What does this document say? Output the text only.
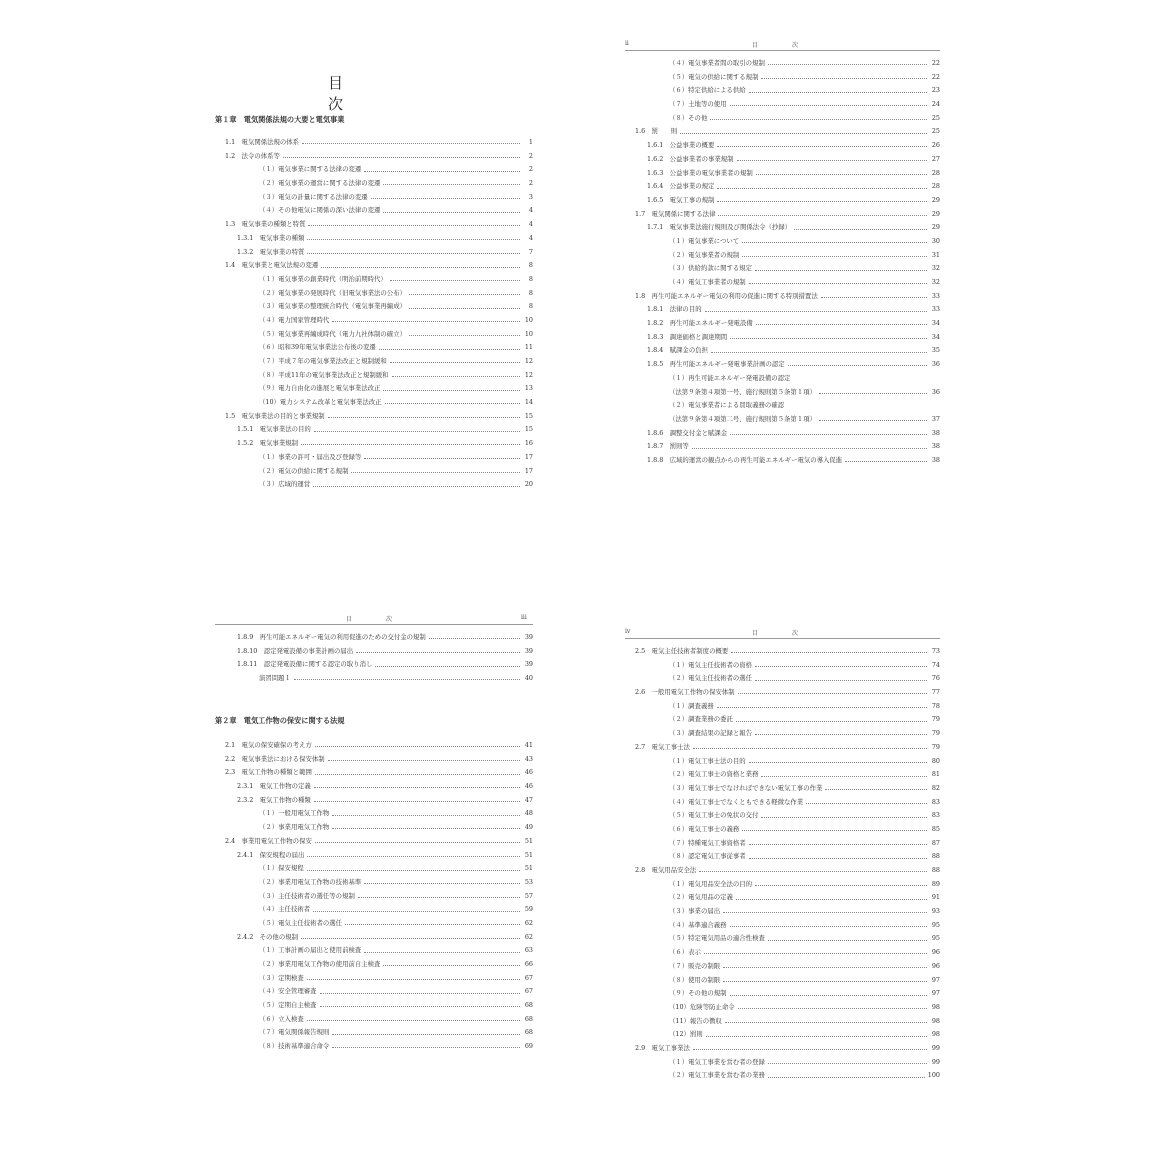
目　次
第１章　電気関係法規の大要と電気事業
1.1　電気関係法規の体系	1
1.2　法令の体系等	2
（１）電気事業に関する法律の変遷	2
（２）電気事業の運営に関する法律の変遷	2
（３）電気の計量に関する法律の変遷	3
（４）その他電気に関係の深い法律の変遷	4
1.3　電気事業の種類と特質	4
1.3.1　電気事業の種類	4
1.3.2　電気事業の特質	7
1.4　電気事業と電気法規の変遷	8
（１）電気事業の創業時代（明治前期時代）	8
（２）電気事業の発展時代（旧電気事業法の公布）	8
（３）電気事業の整理統合時代（電気事業再編成）	8
（４）電力国家管理時代	10
（５）電気事業再編成時代（電力九社体制の確立）	10
（６）昭和39年電気事業法公布後の変遷	11
（７）平成７年の電気事業法改正と規制緩和	12
（８）平成11年の電気事業法改正と規制緩和	12
（９）電力自由化の進展と電気事業法改正	13
（10）電力システム改革と電気事業法改正	14
1.5　電気事業法の目的と事業規制	15
1.5.1　電気事業法の目的	15
1.5.2　電気事業規制	16
（１）事業の許可・届出及び登録等	17
（２）電気の供給に関する規制	17
（３）広域的運営	20
ii	目　次
（４）電気事業者間の取引の規制	22
（５）電気の供給に関する規制	22
（６）特定供給による供給	23
（７）土地等の使用	24
（８）その他	25
1.6　罰　　則	25
1.6.1　公益事業の概要	26
1.6.2　公益事業者の事業規制	27
1.6.3　公益事業の電気事業者の規制	28
1.6.4　公益事業の規定	28
1.6.5　電気工事の規制	29
1.7　電気関係に関する法律	29
1.7.1　電気事業法施行規則及び関係法令（抄録）	29
（１）電気事業について	30
（２）電気事業者の規制	31
（３）供給約款に関する規定	32
（４）電気工事業者の規制	32
1.8　再生可能エネルギー電気の利用の促進に関する特別措置法	33
1.8.1　法律の目的	33
1.8.2　再生可能エネルギー発電設備	34
1.8.3　調達価格と調達期間	34
1.8.4　賦課金の負担	35
1.8.5　再生可能エネルギー発電事業計画の認定	36
（１）再生可能エネルギー発電設備の認定
（法第９条第４項第一号、施行規則第５条第１項）	36
（２）電気事業者による買取義務の確認
（法第９条第４項第二号、施行規則第５条第１項）	37
1.8.6　調整交付金と賦課金	38
1.8.7　罰則等	38
1.8.8　広域的運営の観点からの再生可能エネルギー電気の導入促進	38
目　次	iii
1.8.9　再生可能エネルギー電気の利用促進のための交付金の規制	39
1.8.10　認定発電設備の事業計画の届出	39
1.8.11　認定発電設備に関する認定の取り消し	39
演習問題１	40
第２章　電気工作物の保安に関する法規
2.1　電気の保安確保の考え方	41
2.2　電気事業法における保安体制	43
2.3　電気工作物の種類と範囲	46
2.3.1　電気工作物の定義	46
2.3.2　電気工作物の種類	47
（１）一般用電気工作物	48
（２）事業用電気工作物	49
2.4　事業用電気工作物の保安	51
2.4.1　保安規程の届出	51
（１）保安規程	51
（２）事業用電気工作物の技術基準	53
（３）主任技術者の選任等の規制	57
（４）主任技術者	59
（５）電気主任技術者の選任	62
2.4.2　その他の規制	62
（１）工事計画の届出と使用前検査	63
（２）事業用電気工作物の使用前自主検査	66
（３）定期検査	67
（４）安全管理審査	67
（５）定期自主検査	68
（６）立入検査	68
（７）電気関係報告規則	68
（８）技術基準適合命令	69
iv	目　次
2.5　電気主任技術者制度の概要	73
（１）電気主任技術者の資格	74
（２）電気主任技術者の選任	76
2.6　一般用電気工作物の保安体制	77
（１）調査義務	78
（２）調査業務の委託	79
（３）調査結果の記録と報告	79
2.7　電気工事士法	79
（１）電気工事士法の目的	80
（２）電気工事士の資格と業務	81
（３）電気工事士でなければできない電気工事の作業	82
（４）電気工事士でなくともできる軽微な作業	83
（５）電気工事士の免状の交付	83
（６）電気工事士の義務	85
（７）特種電気工事資格者	87
（８）認定電気工事従事者	88
2.8　電気用品安全法	88
（１）電気用品安全法の目的	89
（２）電気用品の定義	91
（３）事業の届出	93
（４）基準適合義務	95
（５）特定電気用品の適合性検査	95
（６）表示	96
（７）販売の制限	96
（８）使用の制限	97
（９）その他の規制	97
（10）危険等防止命令	98
（11）報告の徴収	98
（12）罰則	98
2.9　電気工事業法	99
（１）電気工事業を営む者の登録	99
（２）電気工事業を営む者の業務	100
